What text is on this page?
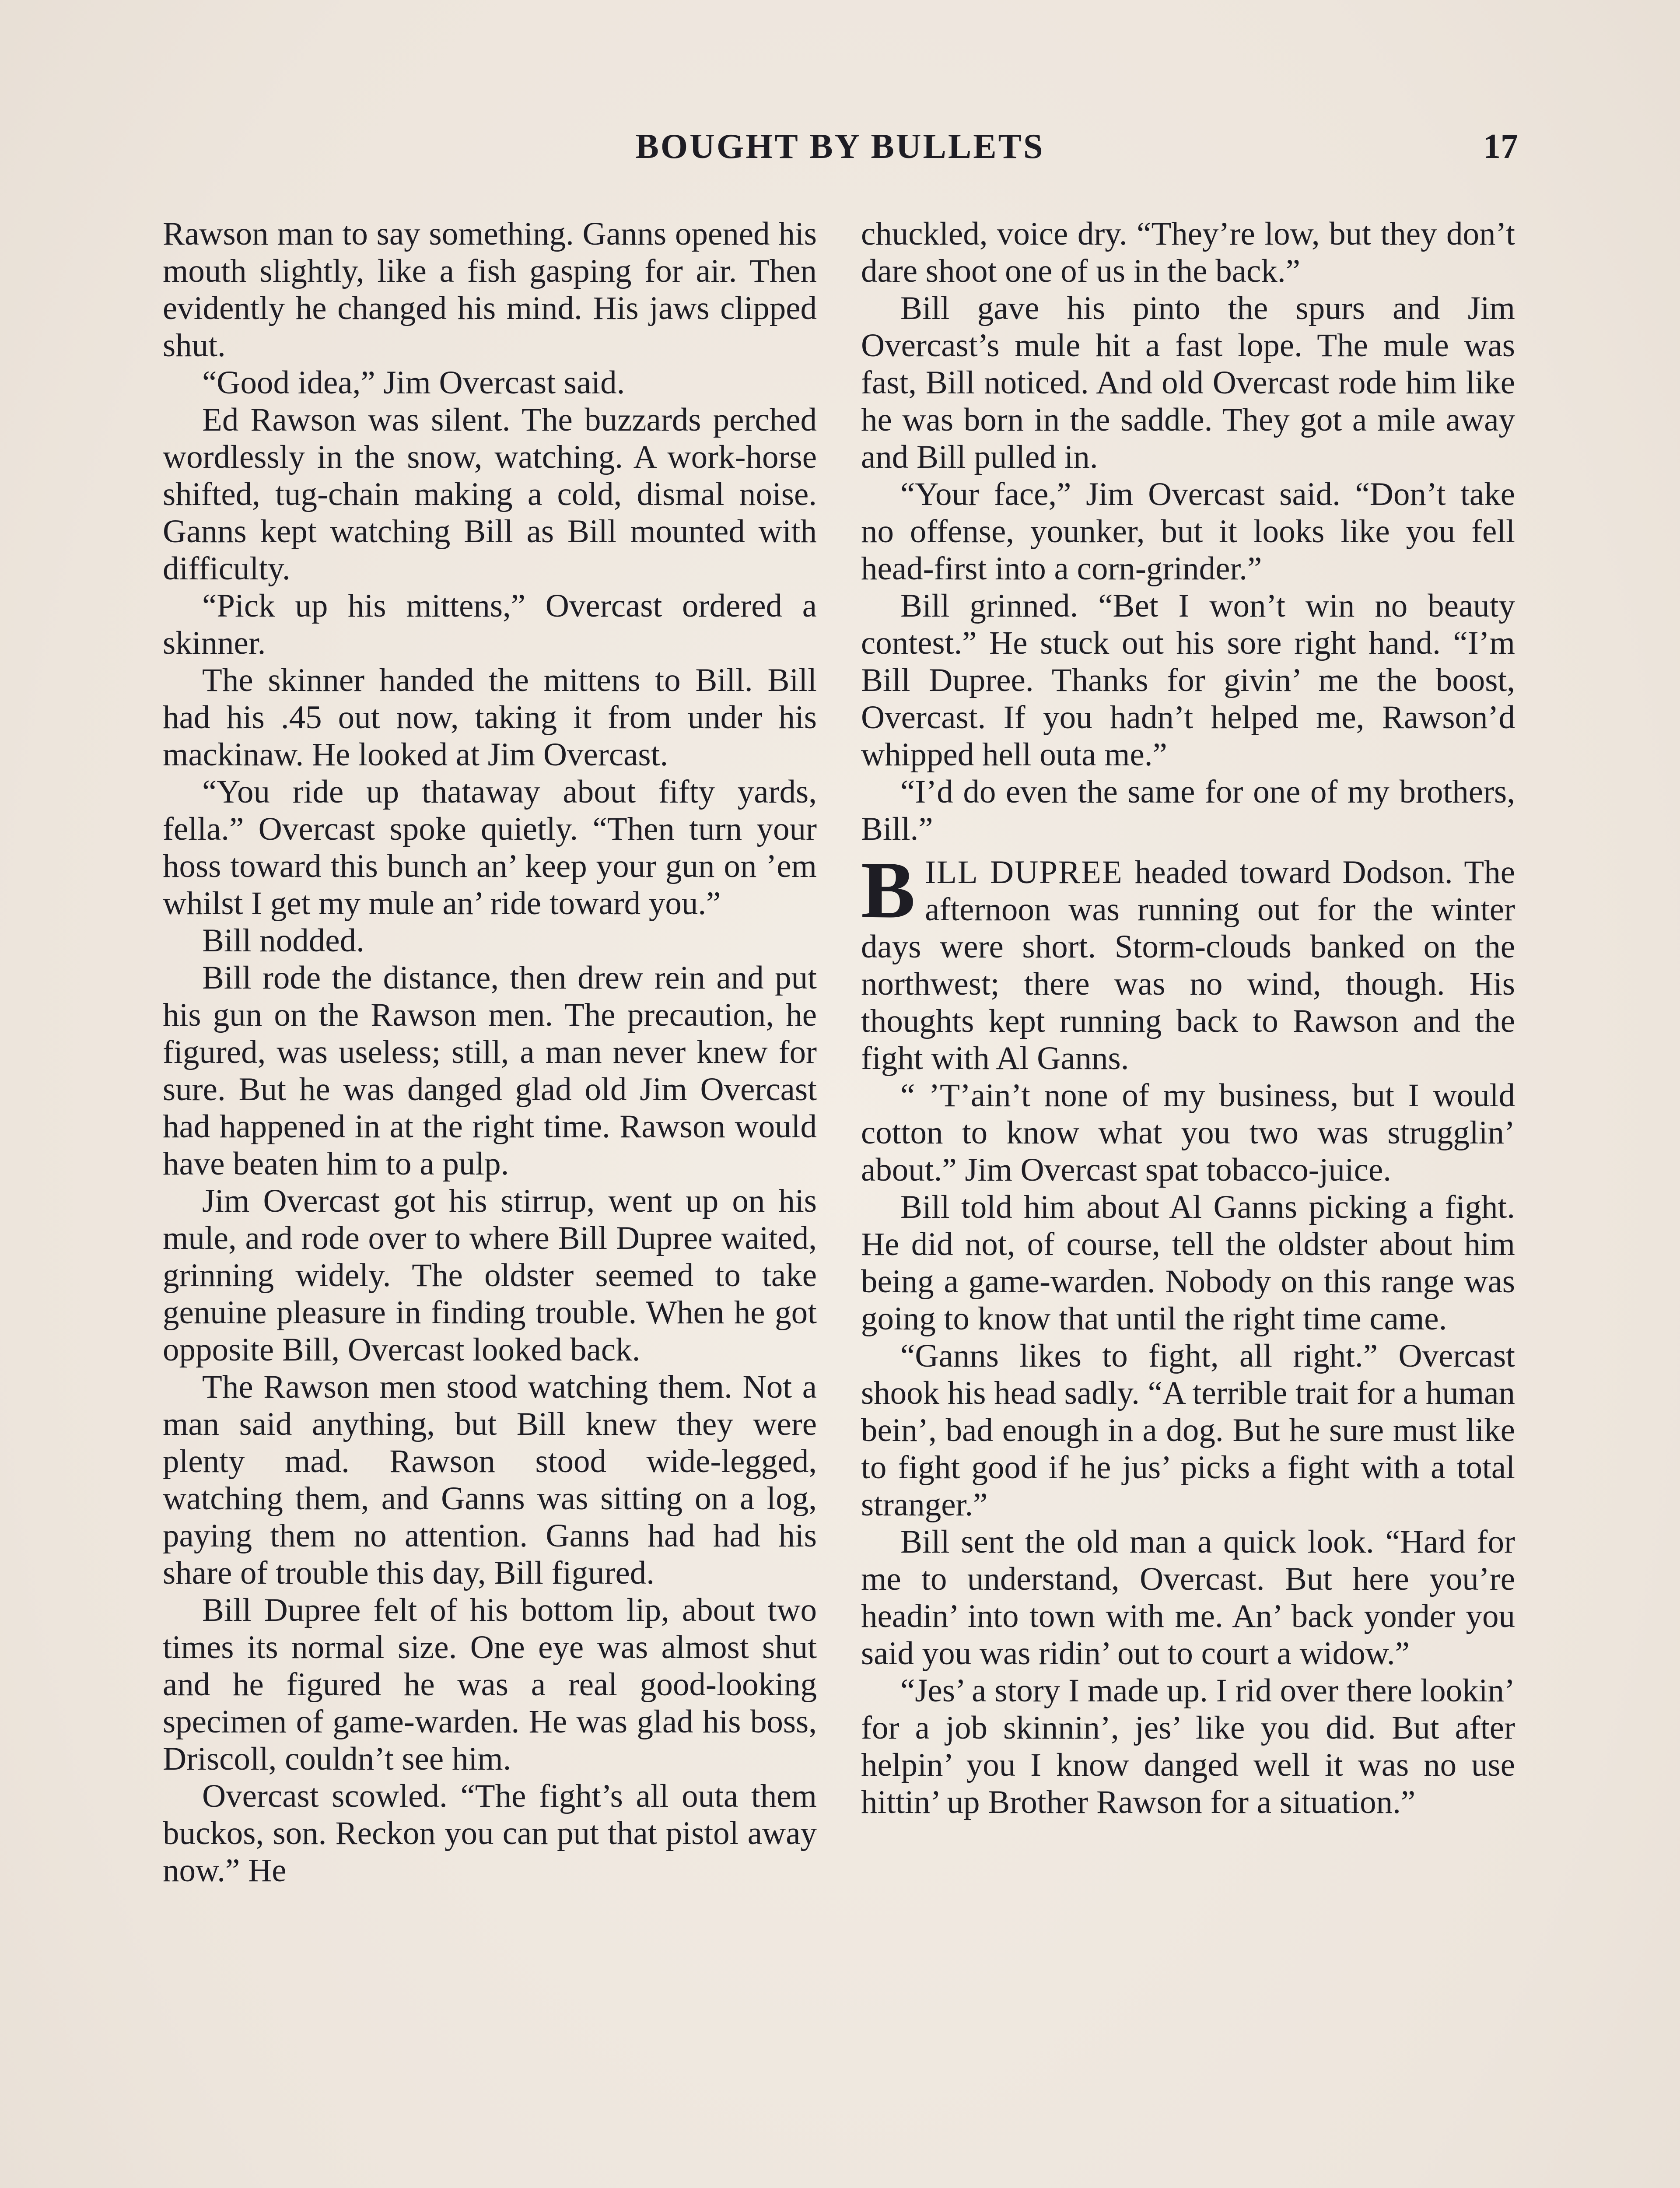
BOUGHT BY BULLETS	17

Rawson man to say something. Ganns opened his mouth slightly, like a fish gasping for air. Then evidently he changed his mind. His jaws clipped shut.

“Good idea,” Jim Overcast said.

Ed Rawson was silent. The buzzards perched wordlessly in the snow, watching. A work-horse shifted, tug-chain making a cold, dismal noise. Ganns kept watching Bill as Bill mounted with difficulty.

“Pick up his mittens,” Overcast ordered a skinner.

The skinner handed the mittens to Bill. Bill had his .45 out now, taking it from under his mackinaw. He looked at Jim Overcast.

“You ride up thataway about fifty yards, fella.” Overcast spoke quietly. “Then turn your hoss toward this bunch an’ keep your gun on ’em whilst I get my mule an’ ride toward you.”

Bill nodded.

Bill rode the distance, then drew rein and put his gun on the Rawson men. The precaution, he figured, was useless; still, a man never knew for sure. But he was danged glad old Jim Overcast had happened in at the right time. Rawson would have beaten him to a pulp.

Jim Overcast got his stirrup, went up on his mule, and rode over to where Bill Dupree waited, grinning widely. The oldster seemed to take genuine pleasure in finding trouble. When he got opposite Bill, Overcast looked back.

The Rawson men stood watching them. Not a man said anything, but Bill knew they were plenty mad. Rawson stood wide-legged, watching them, and Ganns was sitting on a log, paying them no attention. Ganns had had his share of trouble this day, Bill figured.

Bill Dupree felt of his bottom lip, about two times its normal size. One eye was almost shut and he figured he was a real good-looking specimen of game-warden. He was glad his boss, Driscoll, couldn’t see him.

Overcast scowled. “The fight’s all outa them buckos, son. Reckon you can put that pistol away now.” He

chuckled, voice dry. “They’re low, but they don’t dare shoot one of us in the back.”

Bill gave his pinto the spurs and Jim Overcast’s mule hit a fast lope. The mule was fast, Bill noticed. And old Overcast rode him like he was born in the saddle. They got a mile away and Bill pulled in.

“Your face,” Jim Overcast said. “Don’t take no offense, younker, but it looks like you fell head-first into a corn-grinder.”

Bill grinned. “Bet I won’t win no beauty contest.” He stuck out his sore right hand. “I’m Bill Dupree. Thanks for givin’ me the boost, Overcast. If you hadn’t helped me, Rawson’d whipped hell outa me.”

“I’d do even the same for one of my brothers, Bill.”

BILL DUPREE headed toward Dodson. The afternoon was running out for the winter days were short. Storm-clouds banked on the northwest; there was no wind, though. His thoughts kept running back to Rawson and the fight with Al Ganns.

“ ’T’ain’t none of my business, but I would cotton to know what you two was strugglin’ about.” Jim Overcast spat tobacco-juice.

Bill told him about Al Ganns picking a fight. He did not, of course, tell the oldster about him being a game-warden. Nobody on this range was going to know that until the right time came.

“Ganns likes to fight, all right.” Overcast shook his head sadly. “A terrible trait for a human bein’, bad enough in a dog. But he sure must like to fight good if he jus’ picks a fight with a total stranger.”

Bill sent the old man a quick look. “Hard for me to understand, Overcast. But here you’re headin’ into town with me. An’ back yonder you said you was ridin’ out to court a widow.”

“Jes’ a story I made up. I rid over there lookin’ for a job skinnin’, jes’ like you did. But after helpin’ you I know danged well it was no use hittin’ up Brother Rawson for a situation.”
